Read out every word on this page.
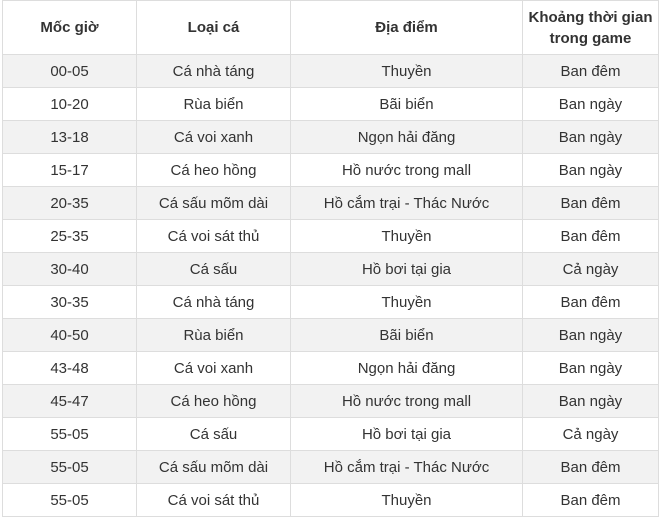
Mốc giờ	Loại cá	Địa điểm	Khoảng thời gian trong game
00-05	Cá nhà táng	Thuyền	Ban đêm
10-20	Rùa biển	Bãi biển	Ban ngày
13-18	Cá voi xanh	Ngọn hải đăng	Ban ngày
15-17	Cá heo hồng	Hồ nước trong mall	Ban ngày
20-35	Cá sấu mõm dài	Hồ cắm trại - Thác Nước	Ban đêm
25-35	Cá voi sát thủ	Thuyền	Ban đêm
30-40	Cá sấu	Hồ bơi tại gia	Cả ngày
30-35	Cá nhà táng	Thuyền	Ban đêm
40-50	Rùa biển	Bãi biển	Ban ngày
43-48	Cá voi xanh	Ngọn hải đăng	Ban ngày
45-47	Cá heo hồng	Hồ nước trong mall	Ban ngày
55-05	Cá sấu	Hồ bơi tại gia	Cả ngày
55-05	Cá sấu mõm dài	Hồ cắm trại - Thác Nước	Ban đêm
55-05	Cá voi sát thủ	Thuyền	Ban đêm
